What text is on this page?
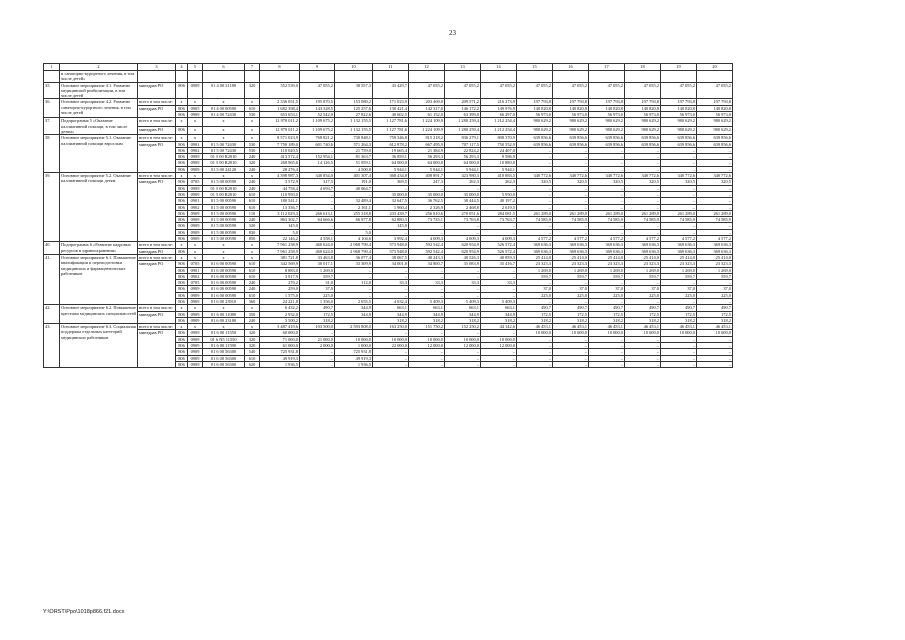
23
1	2	3	4	5	6	7	8	9	10	11	12	13	14	15	16	17	18	19	20
	и санаторно-курортного лечения, в том числе детей»																		
35.	Основное мероприятие 4.1. Развитие медицинской реабилитации, в том числе детей	минздрав РО	806	0909	01 4 00 21180	320	552 539,0	47 055,2	38 557,3	43 429,7	47 055,2	47 055,2	47 055,2	47 055,2	47 055,2	47 055,2	47 055,2	47 055,2	47 055,2
36.	Основное мероприятие 4.2. Развитие санаторно-курортного лечения, в том числе детей	всего в том числе:	х	х	х	х	2 336 051,5	195 870,5	153 080,2	171 023,9	203 469,0	209 571,2	216 273,9	197 793,8	197 793,8	197 793,8	197 793,8	197 793,8	197 793,8
		минздрав РО	806	0905	01 4 00 00590	610	1 682 398,4	143 328,5	125 257,6	130 421,4	142 317,0	146 172,2	149 976,9	140 820,8	140 820,8	140 820,8	140 820,8	140 820,8	140 820,8
			806	0909	01 4 00 72430	530	653 653,1	52 542,0	27 822,6	40 602,5	61 152,0	63 399,0	66 297,0	56 973,0	56 973,0	56 973,0	56 973,0	56 973,0	56 973,0
37.	Подпрограмма 5 «Оказание паллиативной помощи, в том числе детям»	всего в том числе:	х	х	х	х	12 970 011,2	1 109 675,2	1 132 155,5	1 127 781,6	1 224 109,9	1 280 259,4	1 212 254,4	980 629,2	980 629,2	980 629,2	980 629,2	980 629,2	980 629,2
		минздрав РО	806	х	х	х	12 970 011,2	1 109 675,2	1 132 155,5	1 127 781,6	1 224 109,9	1 280 259,4	1 212 254,4	980 629,2	980 629,2	980 629,2	980 629,2	980 629,2	980 629,2
38.	Основное мероприятие 5.1. Оказание паллиативной помощи взрослым	всего в том числе:	х	х	х	х	8 571 023,9	768 821,2	730 848,1	759 346,8	815 218,2	836 279,1	808 370,9	639 856,6	639 856,6	639 856,6	639 856,6	639 856,6	639 856,6
		минздрав РО	806	0901	01 5 00 72430	530	7 750 189,0	601 740,6	571 264,3	612 878,2	667 495,9	707 117,5	750 552,9	639 856,6	639 856,6	639 856,6	639 856,6	639 856,6	639 856,6
			806	0902	01 5 00 72430	530	110 020,5	–	21 759,0	19 665,4	21 384,9	22 824,2	24 407,0	–	–	–	–	–	–
			806	0909	01 5 00 R2010	240	413 572,4	152 954,1	81 363,7	36 859,1	56 293,3	56 293,3	9 586,9	–	–	–	–	–	–
			806	0909	01 5 00 R2010	320	268 965,6	14 126,5	51 959,1	64 000,0	64 000,0	64 000,0	10 880,0	–	–	–	–	–	–
			806	0909	01 5 00 24120	240	28 276,4	–	4 500,0	5 944,1	5 944,1	5 944,1	5 944,1	–	–	–	–	–	–
39.	Основное мероприятие 5.2. Оказание паллиативной помощи детям	всего в том числе:	х	х	х	х	4 398 987,3	340 854,0	401 307,4	368 434,8	408 891,7	423 980,3	410 883,5	340 772,6	340 772,6	340 772,6	340 772,6	340 772,6	340 772,6
		минздрав РО	806	0705	01 5 00 00590	240	3 572,9	317,5	191,0	369,5	247,3	262,3	262,3	320,5	320,5	320,5	320,5	320,5	320,5
			806	0909	01 5 00 R2010	240	44 758,4	4 693,7	40 064,7	–	–	–	–	–	–	–	–	–	–
			806	0909	01 5 00 R2010	610	110 950,0	–	–	35 000,0	35 000,0	35 000,0	5 950,0	–	–	–	–	–	–
			806	0901	01 5 00 00590	610	180 541,1	–	32 489,4	32 647,5	36 762,5	38 444,5	40 197,2	–	–	–	–	–	–
			806	0902	01 5 00 00590	610	13 336,7	–	2 161,1	1 960,4	2 326,9	2 468,8	2 619,5	–	–	–	–	–	–
			806	0909	01 5 00 00590	110	3 112 029,3	266 613,1	255 318,8	233 439,7	256 810,6	270 051,6	284 081,5	261 289,0	261 289,0	261 289,0	261 289,0	261 289,0	261 289,0
			806	0909	01 5 00 00590	240	863 302,7	64 666,6	66 977,8	62 880,3	73 735,1	73 763,8	73 763,7	74 585,9	74 585,9	74 585,9	74 585,9	74 585,9	74 585,9
			806	0909	01 5 00 00590	320	145,0	–	–	145,0	–	–	–	–	–	–	–	–	–
			806	0909	01 5 00 00590	830	5,0	–	5,0	–	–	–	–	–	–	–	–	–	–
			806	0909	01 5 00 00590	850	22 146,2	4 558,1	4 104,6	3 992,4	4 009,3	4 009,3	4 009,3	4 577,2	4 577,2	4 577,2	4 577,2	4 577,2	4 577,2
40.	Подпрограмма 6 «Развитие кадровых ресурсов в здравоохранении»	всего в том числе:	х	х	х	х	7 961 258,9	460 624,0	2 968 799,4	573 948,0	592 542,4	620 954,9	526 572,4	369 636,3	369 636,3	369 636,3	369 636,3	369 636,3	369 636,3
		минздрав РО	806	х	х	х	7 961 258,9	460 624,0	2 968 799,4	573 948,0	592 542,4	620 954,9	526 572,4	369 636,3	369 636,3	369 636,3	369 636,3	369 636,3	369 636,3
41.	Основное мероприятие 6.1. Повышение квалификации и переподготовки медицинских и фармацевтических работников	всего в том числе:	х	х	х	х	381 721,8	33 463,8	36 077,4	38 067,5	40 243,3	40 526,3	40 859,3	25 414,0	25 414,0	25 414,0	25 414,0	25 414,0	25 414,0
		минздрав РО	806	0705	01 6 00 00590	610	342 569,9	30 017,1	33 309,9	34 001,8	34 800,7	35 083,9	35 416,7	23 323,3	23 323,3	23 323,3	23 323,3	23 323,3	23 323,3
			806	0901	01 6 00 00590	610	8 883,0	1 269,0	–	–	–	–	–	1 269,0	1 269,0	1 269,0	1 269,0	1 269,0	1 269,0
			806	0902	01 6 00 00590	610	3 917,9	559,7	–	–	–	–	–	559,7	559,7	559,7	559,7	559,7	559,7
			806	0705	01 6 00 00590	240	276,2	31,0	112,0	33,3	33,3	33,3	33,3	–	–	–	–	–	–
			806	0909	01 6 00 00590	240	259,0	37,0	–	–	–	–	–	37,0	37,0	37,0	37,0	37,0	37,0
			806	0909	01 6 00 00590	610	1 575,0	225,0	–	–	–	–	–	225,0	225,0	225,0	225,0	225,0	225,0
			806	0909	01 6 00 23910	360	24 221,8	1 356,0	2 655,5	4 032,4	5 409,3	5 409,3	5 409,3	–	–	–	–	–	–
42.	Основное мероприятие 6.2. Повышение престижа медицинских специальностей	всего в том числе:	х	х	х	х	6 432,2	490,7	344,9	663,1	663,1	663,1	663,1	490,7	490,7	490,7	490,7	490,7	490,7
		минздрав РО	806	0909	01 6 00 11080	350	2 932,0	172,5	344,9	344,9	344,9	344,9	344,9	172,5	172,5	172,5	172,5	172,5	172,5
			806	0909	01 6 00 23180	240	3 500,2	318,2	–	318,2	318,2	318,2	318,2	318,2	318,2	318,2	318,2	318,2	318,2
43.	Основное мероприятие 6.3. Социальная поддержка отдельных категорий медицинских работников	всего в том числе:	х	х	х	х	3 487 419,6	103 500,0	2 593 808,0	163 250,0	151 750,2	152 250,2	44 142,6	46 453,1	46 453,1	46 453,1	46 453,1	46 453,1	46 453,1
		минздрав РО	806	0909	01 6 00 11550	320	60 000,0	–	–	–	–	–	–	10 000,0	10 000,0	10 000,0	10 000,0	10 000,0	10 000,0
			806	0909	01 6 N5 11550	320	71 000,0	21 000,0	10 000,0	10 000,0	10 000,0	10 000,0	10 000,0	–	–	–	–	–	–
			806	0909	01 6 00 11590	320	61 000,0	2 000,0	1 000,0	22 000,0	12 000,0	12 000,0	12 000,0	–	–	–	–	–	–
			806	0909	01 6 00 56300	540	725 931,8	–	725 931,8	–	–	–	–	–	–	–	–	–	–
			806	0909	01 6 00 56300	610	49 919,3	–	49 919,3	–	–	–	–	–	–	–	–	–	–
			806	0909	01 6 00 56300	620	1 936,5	–	1 936,5	–	–	–	–	–	–	–	–	–	–
Y:\ORST\Ppo\1018p866.f21.docx
